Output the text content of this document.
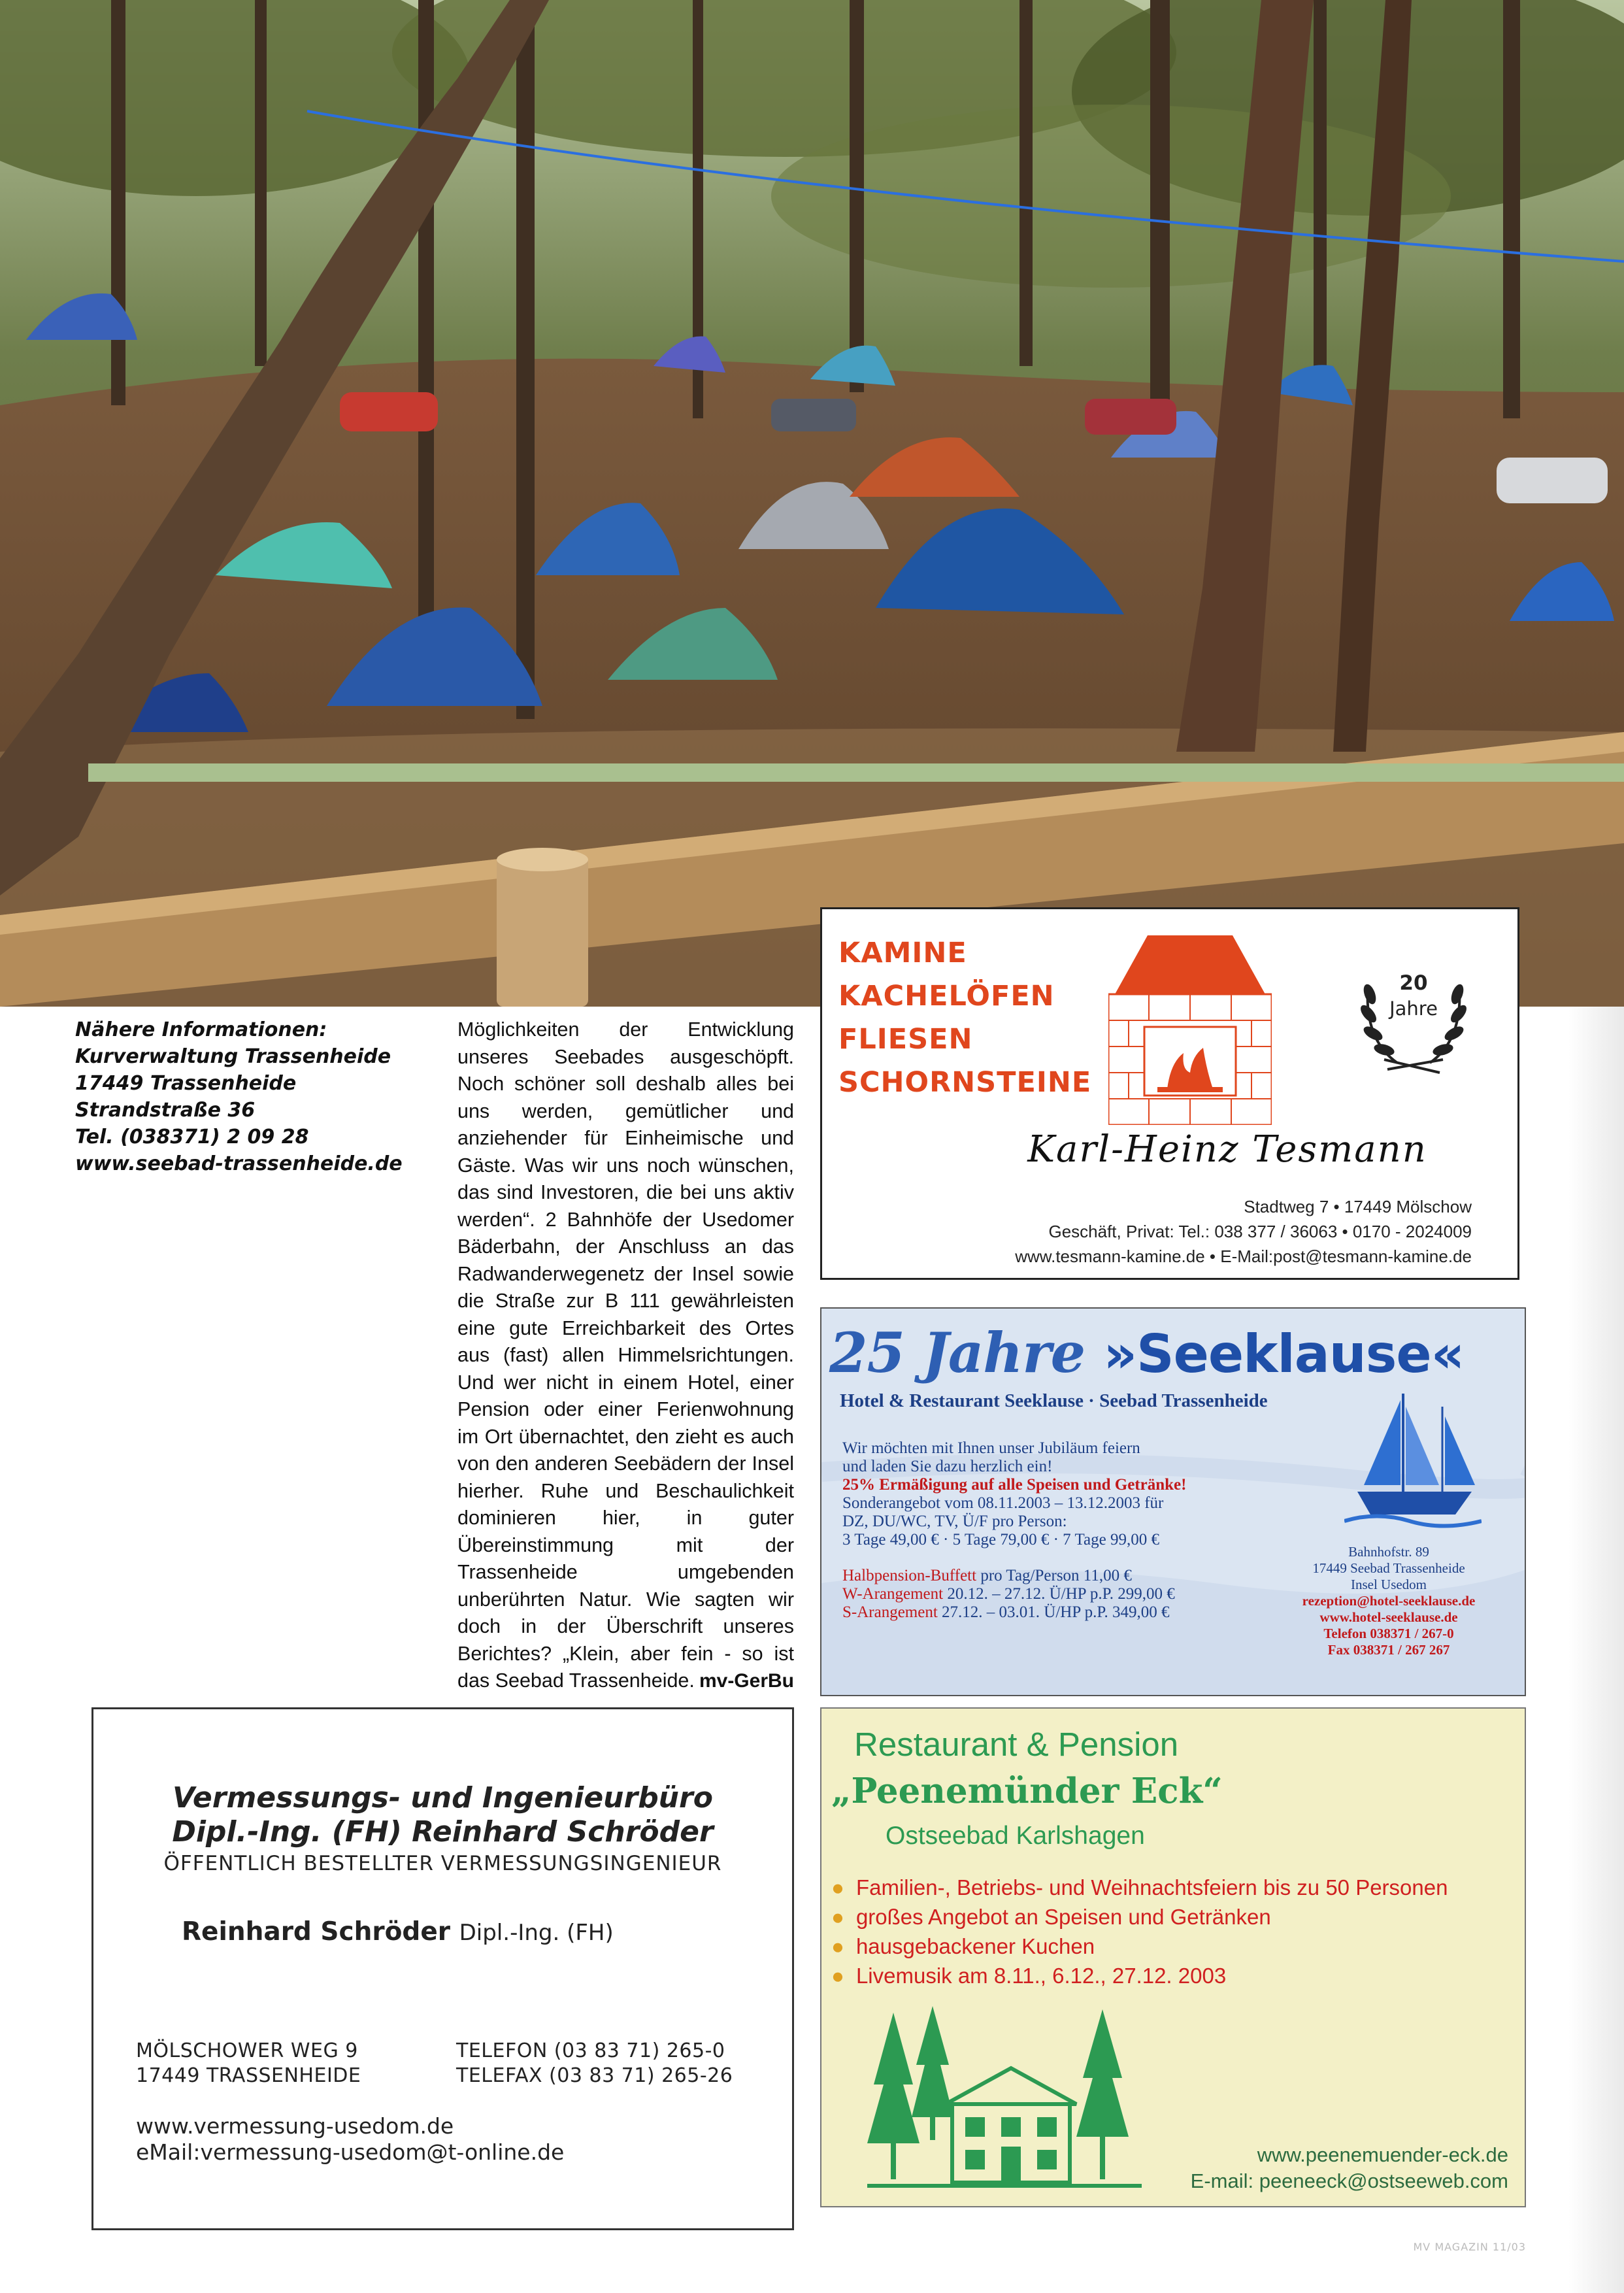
Nähere Informationen:
Kurverwaltung Trassenheide
17449 Trassenheide
Strandstraße 36
Tel. (038371) 2 09 28
www.seebad-trassenheide.de
Möglichkeiten der Entwicklung unseres Seebades ausgeschöpft. Noch schöner soll deshalb alles bei uns werden, gemütlicher und anziehender für Einheimische und Gäste. Was wir uns noch wünschen, das sind Investoren, die bei uns aktiv werden“. 2 Bahnhöfe der Usedomer Bäderbahn, der Anschluss an das Radwanderwegenetz der Insel sowie die Straße zur B 111 gewährleisten eine gute Erreichbarkeit des Ortes aus (fast) allen Himmelsrichtungen. Und wer nicht in einem Hotel, einer Pension oder einer Ferienwohnung im Ort übernachtet, den zieht es auch von den anderen Seebädern der Insel hierher. Ruhe und Beschaulichkeit dominieren hier, in guter Übereinstimmung mit der Trassenheide umgebenden unberührten Natur. Wie sagten wir doch in der Überschrift unseres Berichtes? „Klein, aber fein - so ist das Seebad Trassenheide. mv-GerBu
KAMINE
KACHELÖFEN
FLIESEN
SCHORNSTEINE
20
Jahre
Karl-Heinz Tesmann
Stadtweg 7 • 17449 Mölschow
Geschäft, Privat: Tel.: 038 377 / 36063 • 0170 - 2024009
www.tesmann-kamine.de • E-Mail:post@tesmann-kamine.de
25 Jahre »Seeklause«
Hotel & Restaurant Seeklause · Seebad Trassenheide
Wir möchten mit Ihnen unser Jubiläum feiern
und laden Sie dazu herzlich ein!
25% Ermäßigung auf alle Speisen und Getränke!
Sonderangebot vom 08.11.2003 – 13.12.2003 für
DZ, DU/WC, TV, Ü/F pro Person:
3 Tage 49,00 € · 5 Tage 79,00 € · 7 Tage 99,00 €
Halbpension-Buffett pro Tag/Person 11,00 €
W-Arangement 20.12. – 27.12. Ü/HP p.P. 299,00 €
S-Arangement 27.12. – 03.01. Ü/HP p.P. 349,00 €
Bahnhofstr. 89
17449 Seebad Trassenheide
Insel Usedom
rezeption@hotel-seeklause.de
www.hotel-seeklause.de
Telefon 038371 / 267-0
Fax 038371 / 267 267
Restaurant & Pension
„Peenemünder Eck“
Ostseebad Karlshagen
● Familien-, Betriebs- und Weihnachtsfeiern bis zu 50 Personen
● großes Angebot an Speisen und Getränken
● hausgebackener Kuchen
● Livemusik am 8.11., 6.12., 27.12. 2003
www.peenemuender-eck.de
E-mail: peeneeck@ostseeweb.com
Vermessungs- und Ingenieurbüro
Dipl.-Ing. (FH) Reinhard Schröder
ÖFFENTLICH BESTELLTER VERMESSUNGSINGENIEUR
Reinhard Schröder Dipl.-Ing. (FH)
MÖLSCHOWER WEG 9
17449 TRASSENHEIDE
TELEFON (03 83 71) 265-0
TELEFAX (03 83 71) 265-26
www.vermessung-usedom.de
eMail:vermessung-usedom@t-online.de
MV MAGAZIN 11/03
